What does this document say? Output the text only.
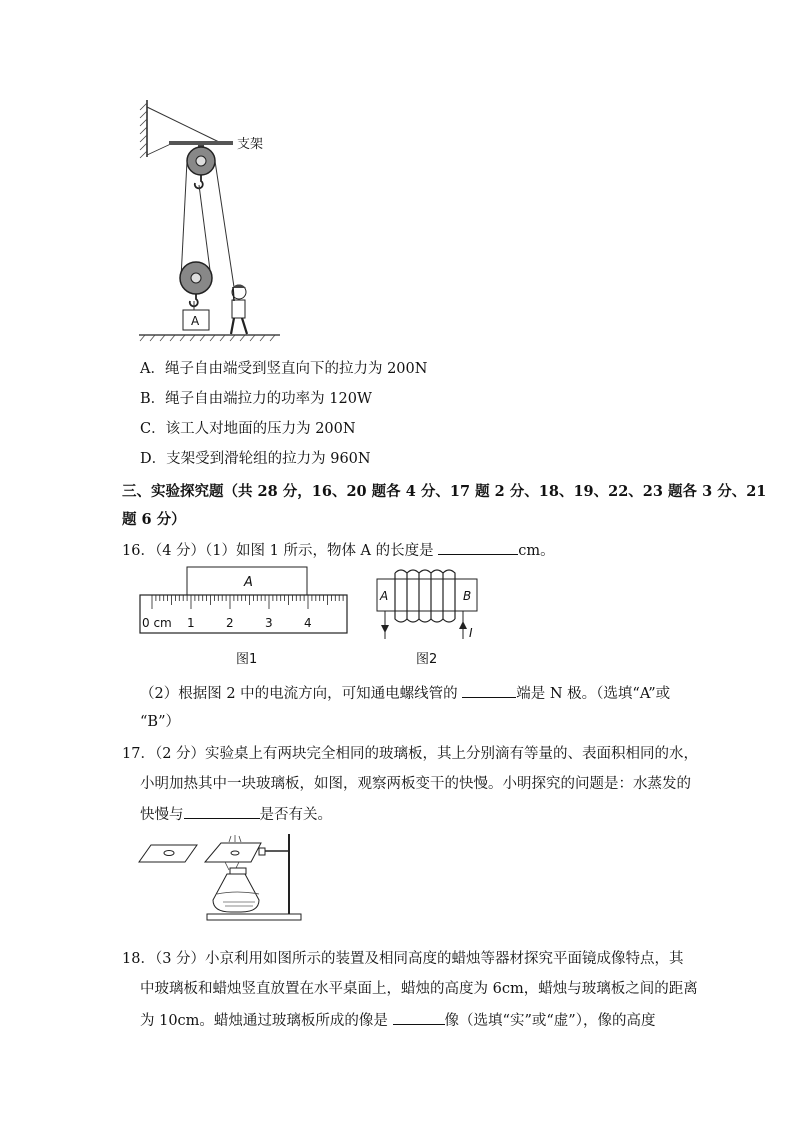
支架
A
A．绳子自由端受到竖直向下的拉力为 200N
B．绳子自由端拉力的功率为 120W
C．该工人对地面的压力为 200N
D．支架受到滑轮组的拉力为 960N
三、实验探究题（共 28 分，16、20 题各 4 分、17 题 2 分、18、19、22、23 题各 3 分、21
题 6 分）
16．（4 分）（1）如图 1 所示，物体 A 的长度是	cm。
A
0 cm 1	2	3	4
图1
A	B
I
图2
（2）根据图 2 中的电流方向，可知通电螺线管的	端是 N 极。（选填“A”或
“B”）
17．（2 分）实验桌上有两块完全相同的玻璃板，其上分别滴有等量的、表面积相同的水，
小明加热其中一块玻璃板，如图，观察两板变干的快慢。小明探究的问题是：水蒸发的
快慢与	是否有关。
18．（3 分）小京利用如图所示的装置及相同高度的蜡烛等器材探究平面镜成像特点，其
中玻璃板和蜡烛竖直放置在水平桌面上，蜡烛的高度为 6cm，蜡烛与玻璃板之间的距离
为 10cm。蜡烛通过玻璃板所成的像是	像（选填“实”或“虚”），像的高度
